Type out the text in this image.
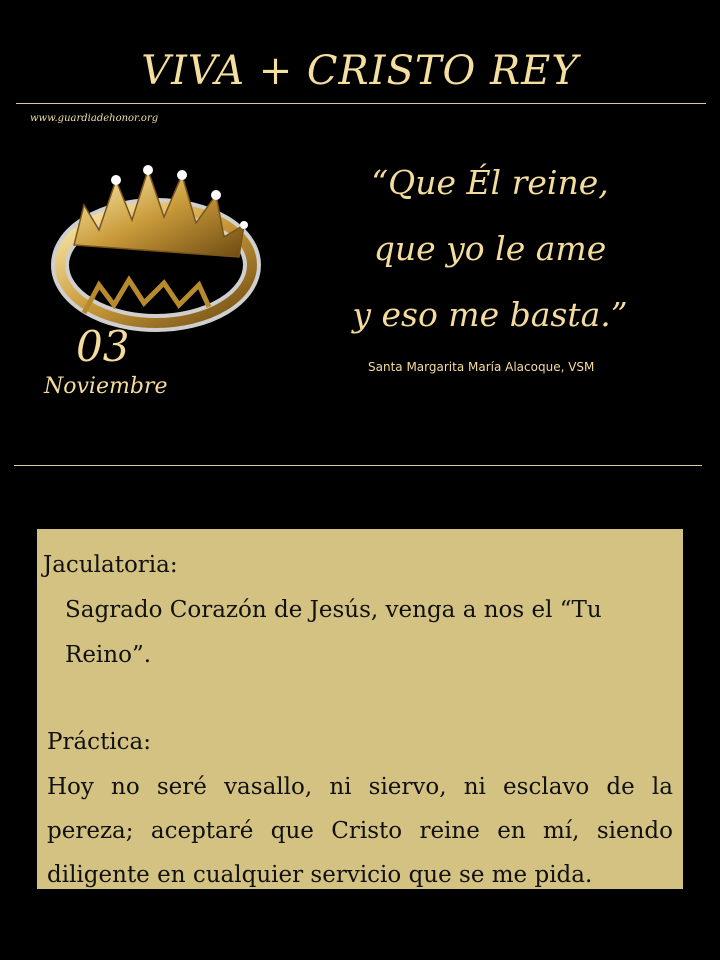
VIVA + CRISTO REY
www.guardiadehonor.org
03
Noviembre
“Que Él reine,
que yo le ame
y eso me basta.”
Santa Margarita María Alacoque, VSM
Jaculatoria:
Sagrado Corazón de Jesús, venga a nos el “Tu Reino”.
Práctica:
Hoy no seré vasallo, ni siervo, ni esclavo de la pereza; aceptaré que Cristo reine en mí, siendo diligente en cualquier servicio que se me pida.
